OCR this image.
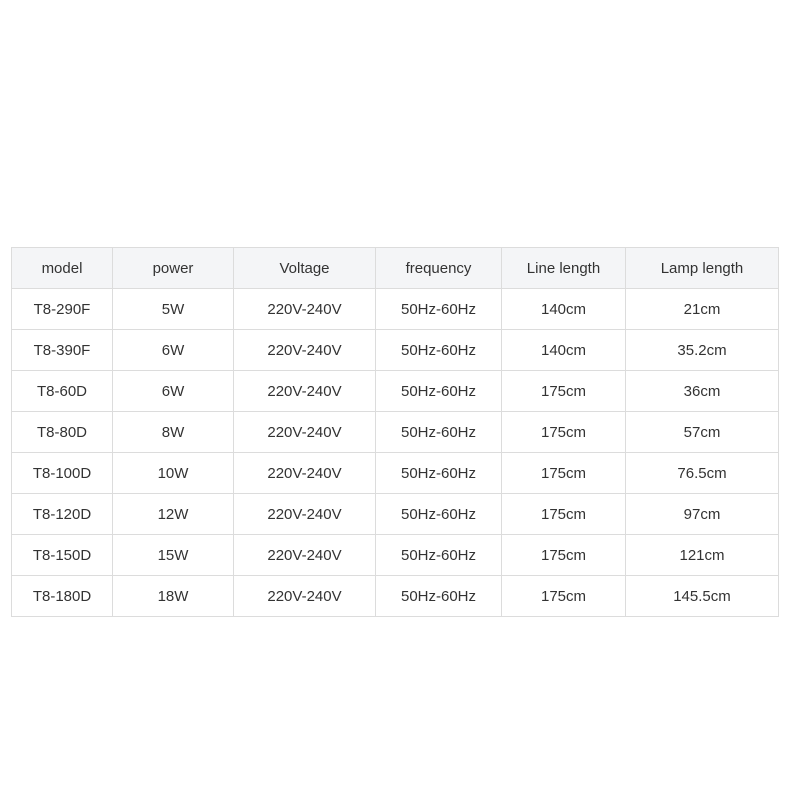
model	power	Voltage	frequency	Line length	Lamp length
T8-290F	5W	220V-240V	50Hz-60Hz	140cm	21cm
T8-390F	6W	220V-240V	50Hz-60Hz	140cm	35.2cm
T8-60D	6W	220V-240V	50Hz-60Hz	175cm	36cm
T8-80D	8W	220V-240V	50Hz-60Hz	175cm	57cm
T8-100D	10W	220V-240V	50Hz-60Hz	175cm	76.5cm
T8-120D	12W	220V-240V	50Hz-60Hz	175cm	97cm
T8-150D	15W	220V-240V	50Hz-60Hz	175cm	121cm
T8-180D	18W	220V-240V	50Hz-60Hz	175cm	145.5cm
